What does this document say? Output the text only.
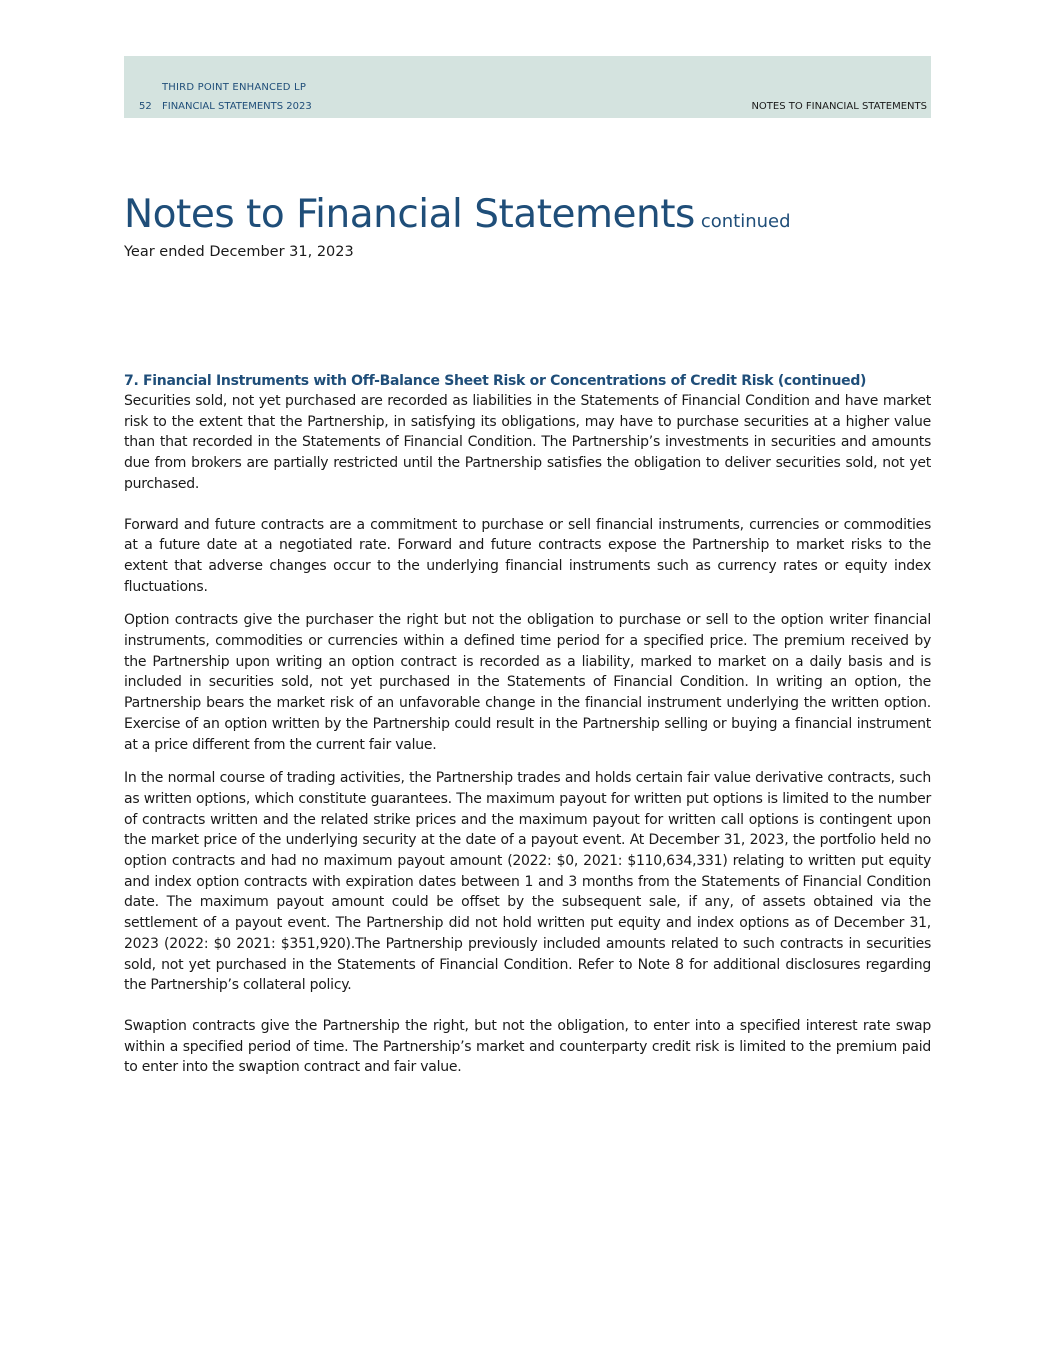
THIRD POINT ENHANCED LP
52 FINANCIAL STATEMENTS 2023	NOTES TO FINANCIAL STATEMENTS
Notes to Financial Statements continued
Year ended December 31, 2023
7. Financial Instruments with Off-Balance Sheet Risk or Concentrations of Credit Risk (continued)

Securities sold, not yet purchased are recorded as liabilities in the Statements of Financial Condition and have market risk to the extent that the Partnership, in satisfying its obligations, may have to purchase securities at a higher value than that recorded in the Statements of Financial Condition. The Partnership’s investments in securities and amounts due from brokers are partially restricted until the Partnership satisfies the obligation to deliver securities sold, not yet purchased.

Forward and future contracts are a commitment to purchase or sell financial instruments, currencies or commodities at a future date at a negotiated rate. Forward and future contracts expose the Partnership to market risks to the extent that adverse changes occur to the underlying financial instruments such as currency rates or equity index fluctuations.

Option contracts give the purchaser the right but not the obligation to purchase or sell to the option writer financial instruments, commodities or currencies within a defined time period for a specified price. The premium received by the Partnership upon writing an option contract is recorded as a liability, marked to market on a daily basis and is included in securities sold, not yet purchased in the Statements of Financial Condition. In writing an option, the Partnership bears the market risk of an unfavorable change in the financial instrument underlying the written option. Exercise of an option written by the Partnership could result in the Partnership selling or buying a financial instrument at a price different from the current fair value.

In the normal course of trading activities, the Partnership trades and holds certain fair value derivative contracts, such as written options, which constitute guarantees. The maximum payout for written put options is limited to the number of contracts written and the related strike prices and the maximum payout for written call options is contingent upon the market price of the underlying security at the date of a payout event. At December 31, 2023, the portfolio held no option contracts and had no maximum payout amount (2022: $0, 2021: $110,634,331) relating to written put equity and index option contracts with expiration dates between 1 and 3 months from the Statements of Financial Condition date. The maximum payout amount could be offset by the subsequent sale, if any, of assets obtained via the settlement of a payout event. The Partnership did not hold written put equity and index options as of December 31, 2023 (2022: $0 2021: $351,920).The Partnership previously included amounts related to such contracts in securities sold, not yet purchased in the Statements of Financial Condition. Refer to Note 8 for additional disclosures regarding the Partnership’s collateral policy.

Swaption contracts give the Partnership the right, but not the obligation, to enter into a specified interest rate swap within a specified period of time. The Partnership’s market and counterparty credit risk is limited to the premium paid to enter into the swaption contract and fair value.
